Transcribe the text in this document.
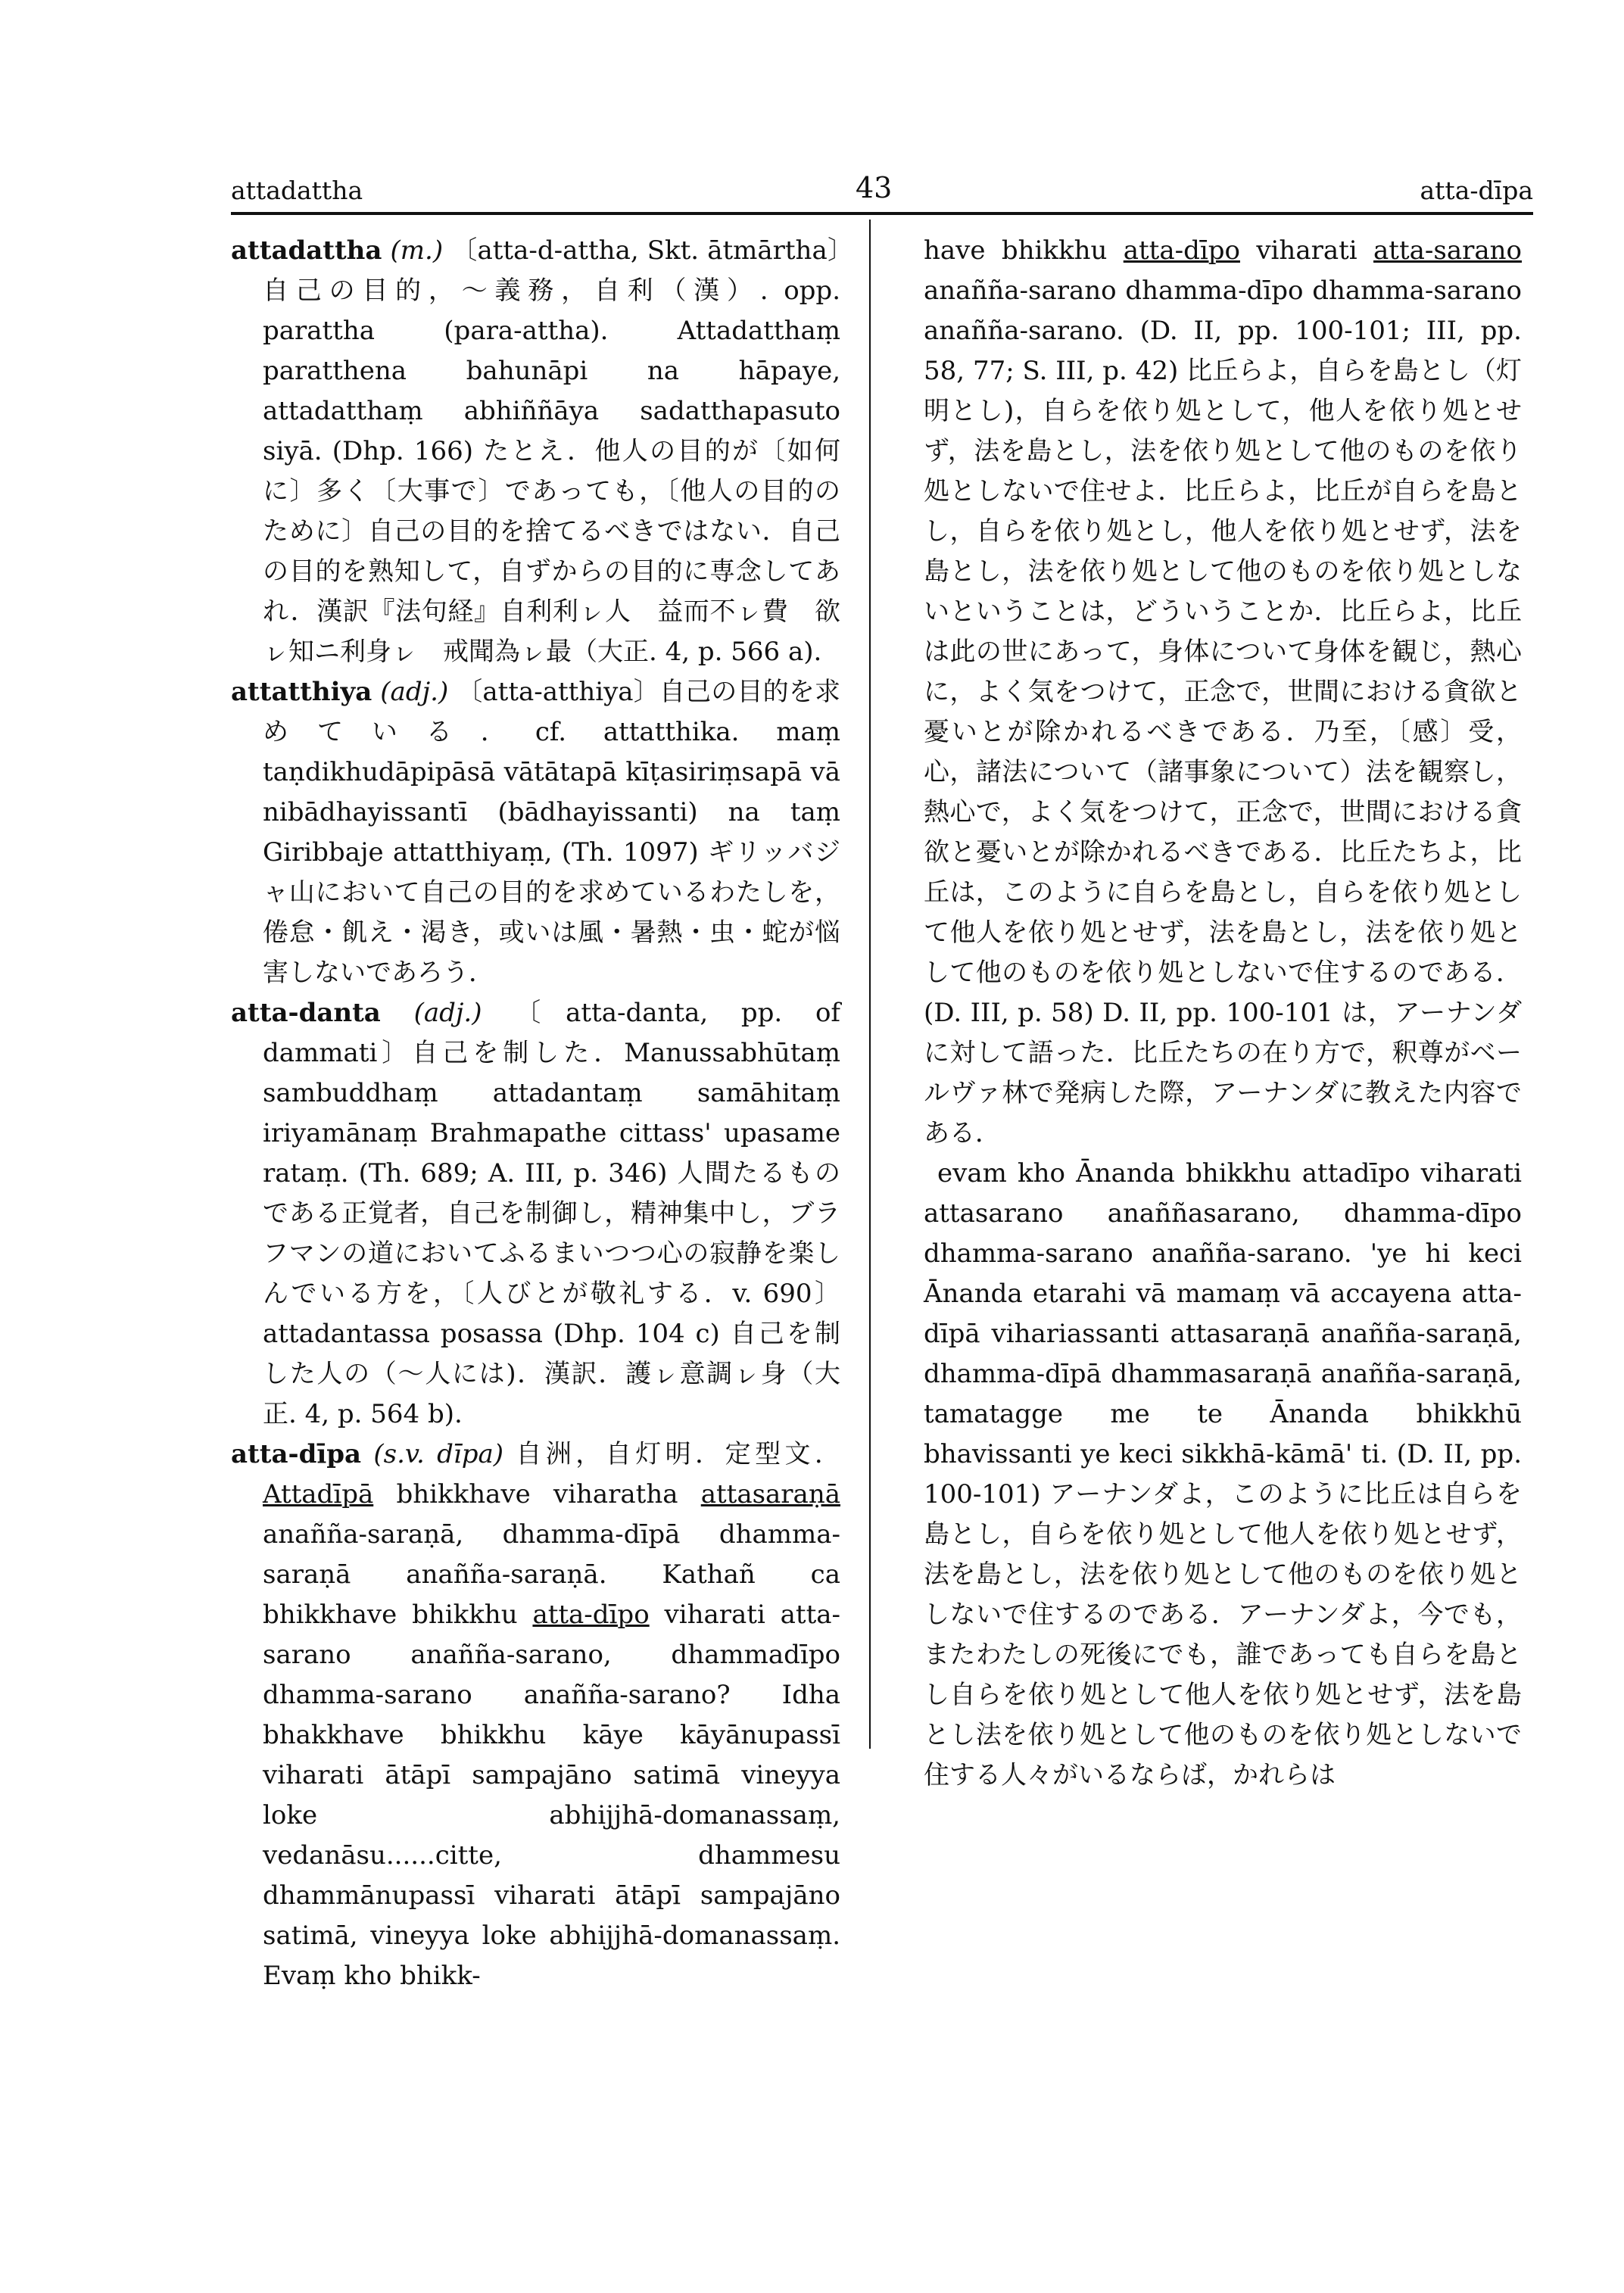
attadattha	43	atta-dīpa

attadattha (m.) 〔atta-d-attha, Skt. ātmārtha〕自己の目的，～義務，自利（漢）. opp. parattha (para-attha). Attadatthaṃ paratthena bahunāpi na hāpaye, attadatthaṃ abhiññāya sadatthapasuto siyā. (Dhp. 166) たとえ．他人の目的が〔如何に〕多く〔大事で〕であっても，〔他人の目的のために〕自己の目的を捨てるべきではない．自己の目的を熟知して，自ずからの目的に専念してあれ．漢訳『法句経』自利利ㇾ人　益而不ㇾ費　欲ㇾ知ニ利身ㇾ　戒聞為ㇾ最（大正. 4, p. 566 a).

attatthiya (adj.) 〔atta-atthiya〕自己の目的を求めている．cf. attatthika. maṃ taṇdikhudāpipāsā vātātapā kīṭasiriṃsapā vā nibādhayissantī (bādhayissanti) na taṃ Giribbaje attatthiyaṃ, (Th. 1097) ギリッバジャ山において自己の目的を求めているわたしを，倦怠・飢え・渇き，或いは風・暑熱・虫・蛇が悩害しないであろう．

atta-danta (adj.) 〔atta-danta, pp. of dammati〕自己を制した．Manussabhūtaṃ sambuddhaṃ attadantaṃ samāhitaṃ iriyamānaṃ Brahmapathe cittass' upasame rataṃ. (Th. 689; A. III, p. 346) 人間たるものである正覚者，自己を制御し，精神集中し，ブラフマンの道においてふるまいつつ心の寂静を楽しんでいる方を，〔人びとが敬礼する．v. 690〕attadantassa posassa (Dhp. 104 c) 自己を制した人の（～人には)．漢訳．護ㇾ意調ㇾ身（大正. 4, p. 564 b).

atta-dīpa (s.v. dīpa) 自洲，自灯明．定型文．Attadīpā bhikkhave viharatha attasaraṇā anañña-saraṇā, dhamma-dīpā dhamma-saraṇā anañña-saraṇā. Kathañ ca bhikkhave bhikkhu atta-dīpo viharati atta-sarano anañña-sarano, dhammadīpo dhamma-sarano anañña-sarano? Idha bhakkhave bhikkhu kāye kāyānupassī viharati ātāpī sampajāno satimā vineyya loke abhijjhā-domanassaṃ, vedanāsu......citte, dhammesu dhammānupassī viharati ātāpī sampajāno satimā, vineyya loke abhijjhā-domanassaṃ. Evaṃ kho bhikk-

have bhikkhu atta-dīpo viharati atta-sarano anañña-sarano dhamma-dīpo dhamma-sarano anañña-sarano. (D. II, pp. 100-101; III, pp. 58, 77; S. III, p. 42) 比丘らよ，自らを島とし（灯明とし)，自らを依り処として，他人を依り処とせず，法を島とし，法を依り処として他のものを依り処としないで住せよ．比丘らよ，比丘が自らを島とし，自らを依り処とし，他人を依り処とせず，法を島とし，法を依り処として他のものを依り処としないということは，どういうことか．比丘らよ，比丘は此の世にあって，身体について身体を観じ，熱心に，よく気をつけて，正念で，世間における貪欲と憂いとが除かれるべきである．乃至，〔感〕受，心，諸法について（諸事象について）法を観察し，熱心で，よく気をつけて，正念で，世間における貪欲と憂いとが除かれるべきである．比丘たちよ，比丘は，このように自らを島とし，自らを依り処として他人を依り処とせず，法を島とし，法を依り処として他のものを依り処としないで住するのである．(D. III, p. 58) D. II, pp. 100-101 は，アーナンダに対して語った．比丘たちの在り方で，釈尊がベールヴァ林で発病した際，アーナンダに教えた内容である．

evam kho Ānanda bhikkhu attadīpo viharati attasarano anaññasarano, dhamma-dīpo dhamma-sarano anañña-sarano. 'ye hi keci Ānanda etarahi vā mamaṃ vā accayena atta-dīpā vihariassanti attasaraṇā anañña-saraṇā, dhamma-dīpā dhammasaraṇā anañña-saraṇā, tamatagge me te Ānanda bhikkhū bhavissanti ye keci sikkhā-kāmā' ti. (D. II, pp. 100-101) アーナンダよ，このように比丘は自らを島とし，自らを依り処として他人を依り処とせず，法を島とし，法を依り処として他のものを依り処としないで住するのである．アーナンダよ，今でも，またわたしの死後にでも，誰であっても自らを島とし自らを依り処として他人を依り処とせず，法を島とし法を依り処として他のものを依り処としないで住する人々がいるならば，かれらは
